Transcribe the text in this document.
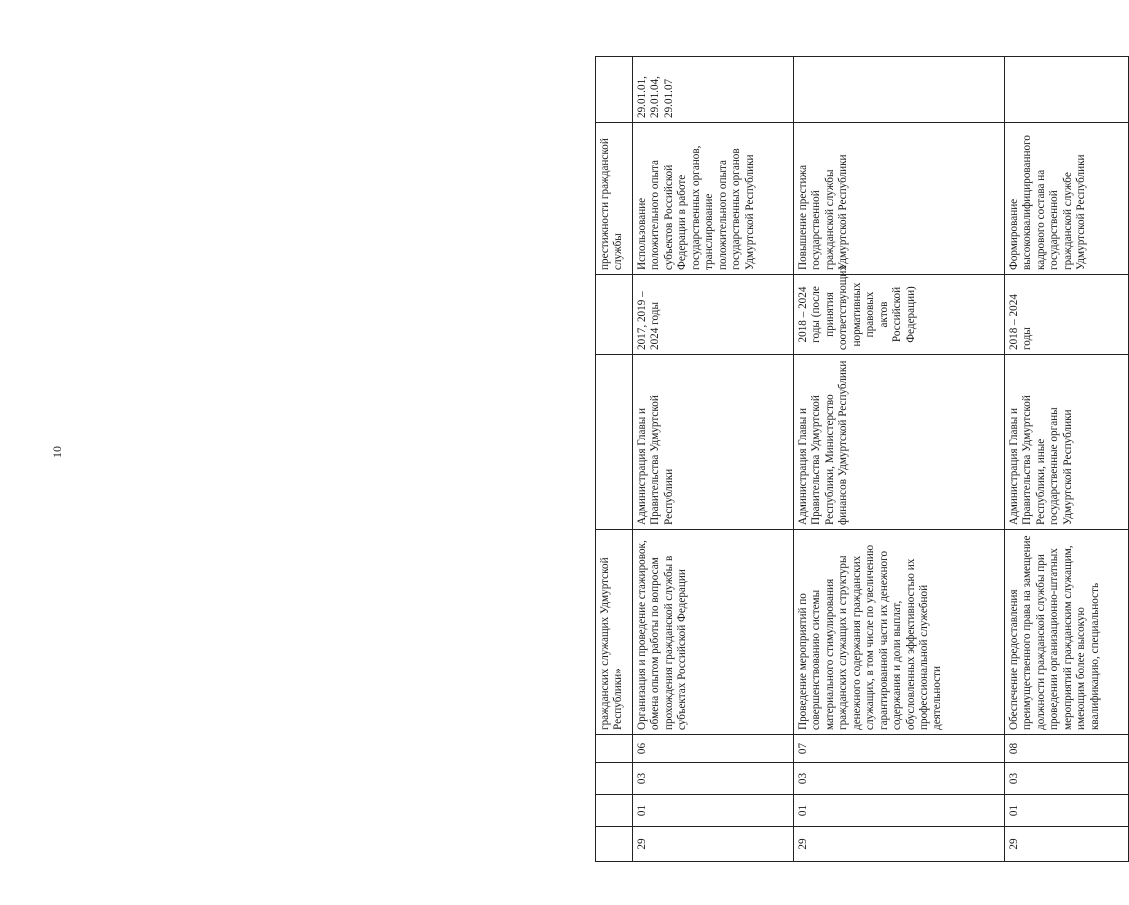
10
				гражданских служащих Удмуртской Республики»			престижности гражданской службы	
29	01	03	06	Организация и проведение стажировок, обмена опытом работы по вопросам прохождения гражданской службы в субъектах Российской Федерации	Администрация Главы и Правительства Удмуртской Республики	2017, 2019 – 2024 годы	Использование положительного опыта субъектов Российской Федерации в работе государственных органов, транслирование положительного опыта государственных органов Удмуртской Республики	29.01.01, 29.01.04, 29.01.07
29	01	03	07	Проведение мероприятий по совершенствованию системы материального стимулирования гражданских служащих и структуры денежного содержания гражданских служащих, в том числе по увеличению гарантированной части их денежного содержания и доли выплат, обусловленных эффективностью их профессиональной служебной деятельности	Администрация Главы и Правительства Удмуртской Республики, Министерство финансов Удмуртской Республики	2018 – 2024 годы (после принятия соответствующих нормативных правовых актов Российской Федерации)	Повышение престижа государственной гражданской службы Удмуртской Республики	
29	01	03	08	Обеспечение предоставления преимущественного права на замещение должности гражданской службы при проведении организационно-штатных мероприятий гражданским служащим, имеющим более высокую квалификацию, специальность	Администрация Главы и Правительства Удмуртской Республики, иные государственные органы Удмуртской Республики	2018 – 2024 годы	Формирование высококвалифицированного кадрового состава на государственной гражданской службе Удмуртской Республики	
